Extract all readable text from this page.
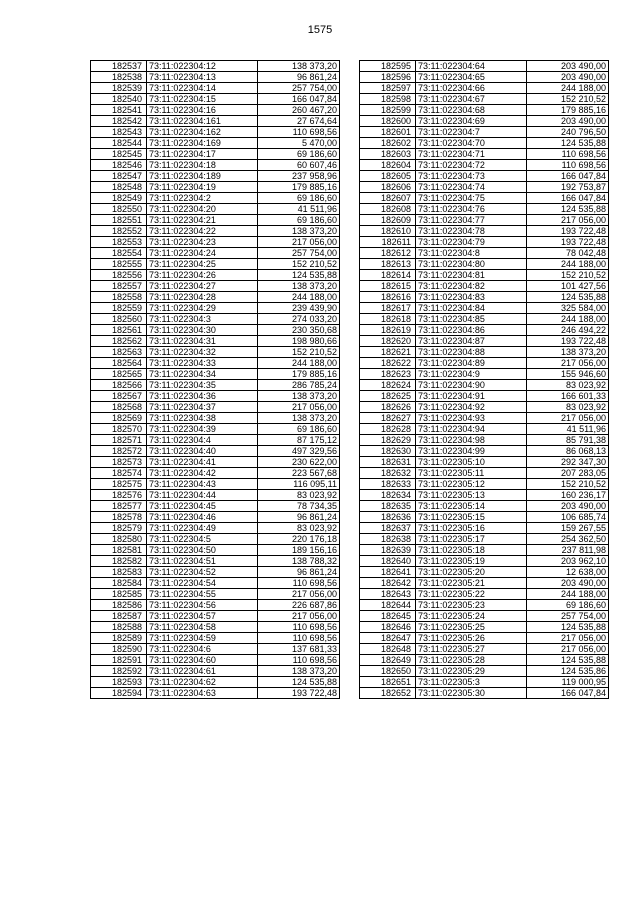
1575
182537	73:11:022304:12	138 373,20
182538	73:11:022304:13	96 861,24
182539	73:11:022304:14	257 754,00
182540	73:11:022304:15	166 047,84
182541	73:11:022304:16	260 467,20
182542	73:11:022304:161	27 674,64
182543	73:11:022304:162	110 698,56
182544	73:11:022304:169	5 470,00
182545	73:11:022304:17	69 186,60
182546	73:11:022304:18	60 607,46
182547	73:11:022304:189	237 958,96
182548	73:11:022304:19	179 885,16
182549	73:11:022304:2	69 186,60
182550	73:11:022304:20	41 511,96
182551	73:11:022304:21	69 186,60
182552	73:11:022304:22	138 373,20
182553	73:11:022304:23	217 056,00
182554	73:11:022304:24	257 754,00
182555	73:11:022304:25	152 210,52
182556	73:11:022304:26	124 535,88
182557	73:11:022304:27	138 373,20
182558	73:11:022304:28	244 188,00
182559	73:11:022304:29	239 439,90
182560	73:11:022304:3	274 033,20
182561	73:11:022304:30	230 350,68
182562	73:11:022304:31	198 980,66
182563	73:11:022304:32	152 210,52
182564	73:11:022304:33	244 188,00
182565	73:11:022304:34	179 885,16
182566	73:11:022304:35	286 785,24
182567	73:11:022304:36	138 373,20
182568	73:11:022304:37	217 056,00
182569	73:11:022304:38	138 373,20
182570	73:11:022304:39	69 186,60
182571	73:11:022304:4	87 175,12
182572	73:11:022304:40	497 329,56
182573	73:11:022304:41	230 622,00
182574	73:11:022304:42	223 567,68
182575	73:11:022304:43	116 095,11
182576	73:11:022304:44	83 023,92
182577	73:11:022304:45	78 734,35
182578	73:11:022304:46	96 861,24
182579	73:11:022304:49	83 023,92
182580	73:11:022304:5	220 176,18
182581	73:11:022304:50	189 156,16
182582	73:11:022304:51	138 788,32
182583	73:11:022304:52	96 861,24
182584	73:11:022304:54	110 698,56
182585	73:11:022304:55	217 056,00
182586	73:11:022304:56	226 687,86
182587	73:11:022304:57	217 056,00
182588	73:11:022304:58	110 698,56
182589	73:11:022304:59	110 698,56
182590	73:11:022304:6	137 681,33
182591	73:11:022304:60	110 698,56
182592	73:11:022304:61	138 373,20
182593	73:11:022304:62	124 535,88
182594	73:11:022304:63	193 722,48
182595	73:11:022304:64	203 490,00
182596	73:11:022304:65	203 490,00
182597	73:11:022304:66	244 188,00
182598	73:11:022304:67	152 210,52
182599	73:11:022304:68	179 885,16
182600	73:11:022304:69	203 490,00
182601	73:11:022304:7	240 796,50
182602	73:11:022304:70	124 535,88
182603	73:11:022304:71	110 698,56
182604	73:11:022304:72	110 698,56
182605	73:11:022304:73	166 047,84
182606	73:11:022304:74	192 753,87
182607	73:11:022304:75	166 047,84
182608	73:11:022304:76	124 535,88
182609	73:11:022304:77	217 056,00
182610	73:11:022304:78	193 722,48
182611	73:11:022304:79	193 722,48
182612	73:11:022304:8	78 042,48
182613	73:11:022304:80	244 188,00
182614	73:11:022304:81	152 210,52
182615	73:11:022304:82	101 427,56
182616	73:11:022304:83	124 535,88
182617	73:11:022304:84	325 584,00
182618	73:11:022304:85	244 188,00
182619	73:11:022304:86	246 494,22
182620	73:11:022304:87	193 722,48
182621	73:11:022304:88	138 373,20
182622	73:11:022304:89	217 056,00
182623	73:11:022304:9	155 946,60
182624	73:11:022304:90	83 023,92
182625	73:11:022304:91	166 601,33
182626	73:11:022304:92	83 023,92
182627	73:11:022304:93	217 056,00
182628	73:11:022304:94	41 511,96
182629	73:11:022304:98	85 791,38
182630	73:11:022304:99	86 068,13
182631	73:11:022305:10	292 347,30
182632	73:11:022305:11	207 283,05
182633	73:11:022305:12	152 210,52
182634	73:11:022305:13	160 236,17
182635	73:11:022305:14	203 490,00
182636	73:11:022305:15	106 685,74
182637	73:11:022305:16	159 267,55
182638	73:11:022305:17	254 362,50
182639	73:11:022305:18	237 811,98
182640	73:11:022305:19	203 962,10
182641	73:11:022305:20	12 638,00
182642	73:11:022305:21	203 490,00
182643	73:11:022305:22	244 188,00
182644	73:11:022305:23	69 186,60
182645	73:11:022305:24	257 754,00
182646	73:11:022305:25	124 535,88
182647	73:11:022305:26	217 056,00
182648	73:11:022305:27	217 056,00
182649	73:11:022305:28	124 535,88
182650	73:11:022305:29	124 535,86
182651	73:11:022305:3	119 000,95
182652	73:11:022305:30	166 047,84
